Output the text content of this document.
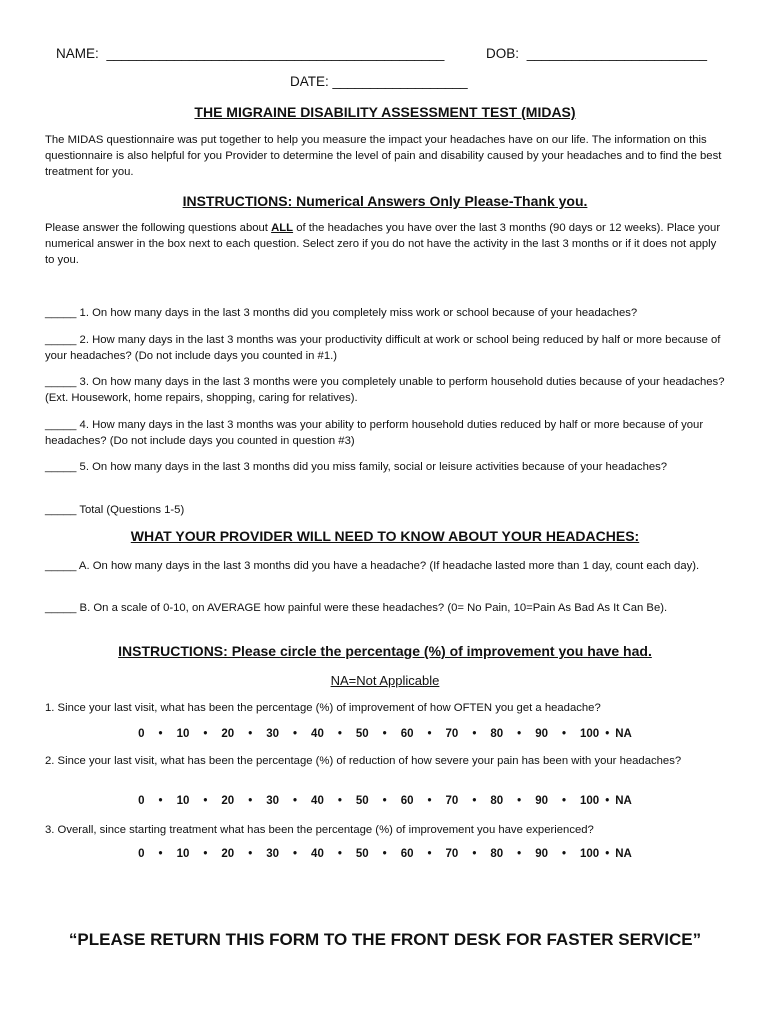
NAME: _____________________________________________	DOB: ________________________
DATE: __________________
THE MIGRAINE DISABILITY ASSESSMENT TEST (MIDAS)
The MIDAS questionnaire was put together to help you measure the impact your headaches have on our life. The information on this questionnaire is also helpful for you Provider to determine the level of pain and disability caused by your headaches and to find the best treatment for you.
INSTRUCTIONS: Numerical Answers Only Please-Thank you.
Please answer the following questions about ALL of the headaches you have over the last 3 months (90 days or 12 weeks). Place your numerical answer in the box next to each question. Select zero if you do not have the activity in the last 3 months or if it does not apply to you.
_____ 1. On how many days in the last 3 months did you completely miss work or school because of your headaches?
_____ 2. How many days in the last 3 months was your productivity difficult at work or school being reduced by half or more because of your headaches? (Do not include days you counted in #1.)
_____ 3. On how many days in the last 3 months were you completely unable to perform household duties because of your headaches? (Ext. Housework, home repairs, shopping, caring for relatives).
_____ 4. How many days in the last 3 months was your ability to perform household duties reduced by half or more because of your headaches? (Do not include days you counted in question #3)
_____ 5. On how many days in the last 3 months did you miss family, social or leisure activities because of your headaches?
_____ Total (Questions 1-5)
WHAT YOUR PROVIDER WILL NEED TO KNOW ABOUT YOUR HEADACHES:
_____ A. On how many days in the last 3 months did you have a headache? (If headache lasted more than 1 day, count each day).
_____ B. On a scale of 0-10, on AVERAGE how painful were these headaches? (0= No Pain, 10=Pain As Bad As It Can Be).
INSTRUCTIONS: Please circle the percentage (%) of improvement you have had.
NA=Not Applicable
1. Since your last visit, what has been the percentage (%) of improvement of how OFTEN you get a headache?
0 • 10 • 20 • 30 • 40 • 50 • 60 • 70 • 80 • 90 • 100 • NA
2. Since your last visit, what has been the percentage (%) of reduction of how severe your pain has been with your headaches?
0 • 10 • 20 • 30 • 40 • 50 • 60 • 70 • 80 • 90 • 100 • NA
3. Overall, since starting treatment what has been the percentage (%) of improvement you have experienced?
0 • 10 • 20 • 30 • 40 • 50 • 60 • 70 • 80 • 90 • 100 • NA
“PLEASE RETURN THIS FORM TO THE FRONT DESK FOR FASTER SERVICE”
